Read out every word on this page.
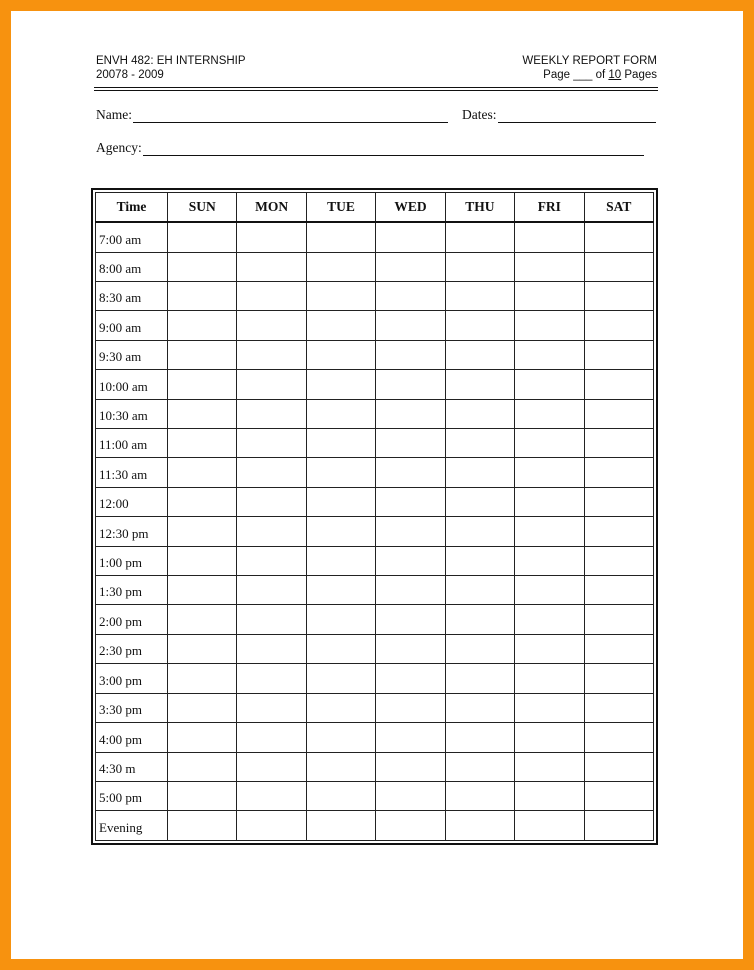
ENVH 482: EH INTERNSHIP
20078 - 2009
WEEKLY REPORT FORM
Page ___ of 10 Pages
Name:	Dates:
Agency:
Time	SUN	MON	TUE	WED	THU	FRI	SAT
7:00 am							
8:00 am							
8:30 am							
9:00 am							
9:30 am							
10:00 am							
10:30 am							
11:00 am							
11:30 am							
12:00							
12:30 pm							
1:00 pm							
1:30 pm							
2:00 pm							
2:30 pm							
3:00 pm							
3:30 pm							
4:00 pm							
4:30 m							
5:00 pm							
Evening							
